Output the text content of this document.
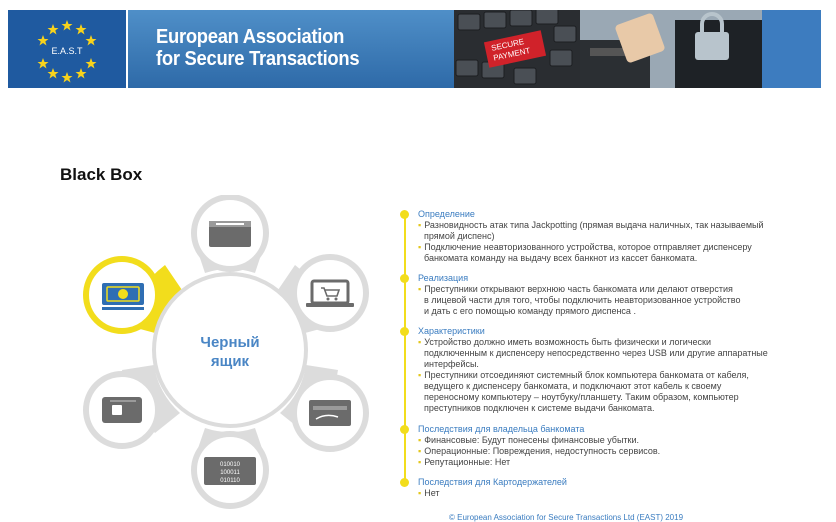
E.A.S.T
European Association
for Secure Transactions
SECURE PAYMENT
Black Box
010010
100011
010110
Черный
ящик
Определение
▪ Разновидность атак типа Jackpotting (прямая выдача наличных, так называемый
прямой диспенс)
▪ Подключение неавторизованного устройства, которое отправляет диспенсеру
банкомата команду на выдачу всех банкнот из кассет банкомата.
Реализация
▪ Преступники открывают верхнюю часть банкомата или делают отверстия
в лицевой части для того, чтобы подключить неавторизованное устройство
и дать с его помощью команду прямого диспенса .
Характеристики
▪ Устройство должно иметь возможность быть физически и логически
подключенным к диспенсеру непосредственно через USB или другие аппаратные
интерфейсы.
▪ Преступники отсоединяют системный блок компьютера банкомата от кабеля,
ведущего к диспенсеру банкомата, и подключают этот кабель к своему
переносному компьютеру – ноутбуку/планшету. Таким образом, компьютер
преступников подключен к системе выдачи банкомата.
Последствия для владельца банкомата
▪ Финансовые: Будут понесены финансовые убытки.
▪ Операционные: Повреждения, недоступность сервисов.
▪ Репутационные: Нет
Последствия для Картодержателей
▪ Нет
© European Association for Secure Transactions Ltd (EAST) 2019
